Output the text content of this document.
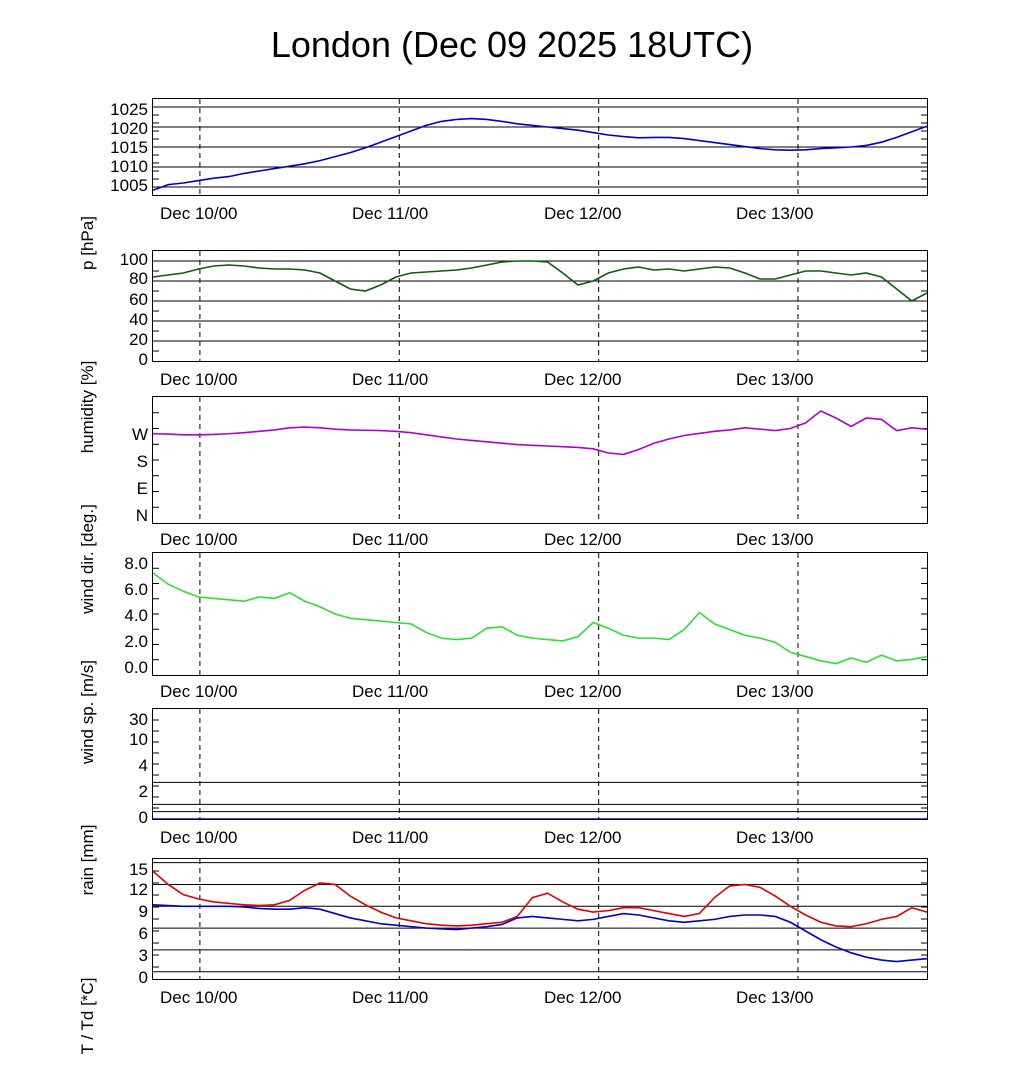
London (Dec 09 2025 18UTC)
p [hPa]
1025
1020
1015
1010
1005
Dec 10/00	Dec 11/00	Dec 12/00	Dec 13/00
humidity [%]
100
80
60
40
20
0
Dec 10/00	Dec 11/00	Dec 12/00	Dec 13/00
wind dir. [deg.]
W
S
E
N
Dec 10/00	Dec 11/00	Dec 12/00	Dec 13/00
wind sp. [m/s]
8.0
6.0
4.0
2.0
0.0
Dec 10/00	Dec 11/00	Dec 12/00	Dec 13/00
rain [mm]
30
10
4
2
0
Dec 10/00	Dec 11/00	Dec 12/00	Dec 13/00
T / Td [*C]
15
12
9
6
3
0
Dec 10/00	Dec 11/00	Dec 12/00	Dec 13/00
